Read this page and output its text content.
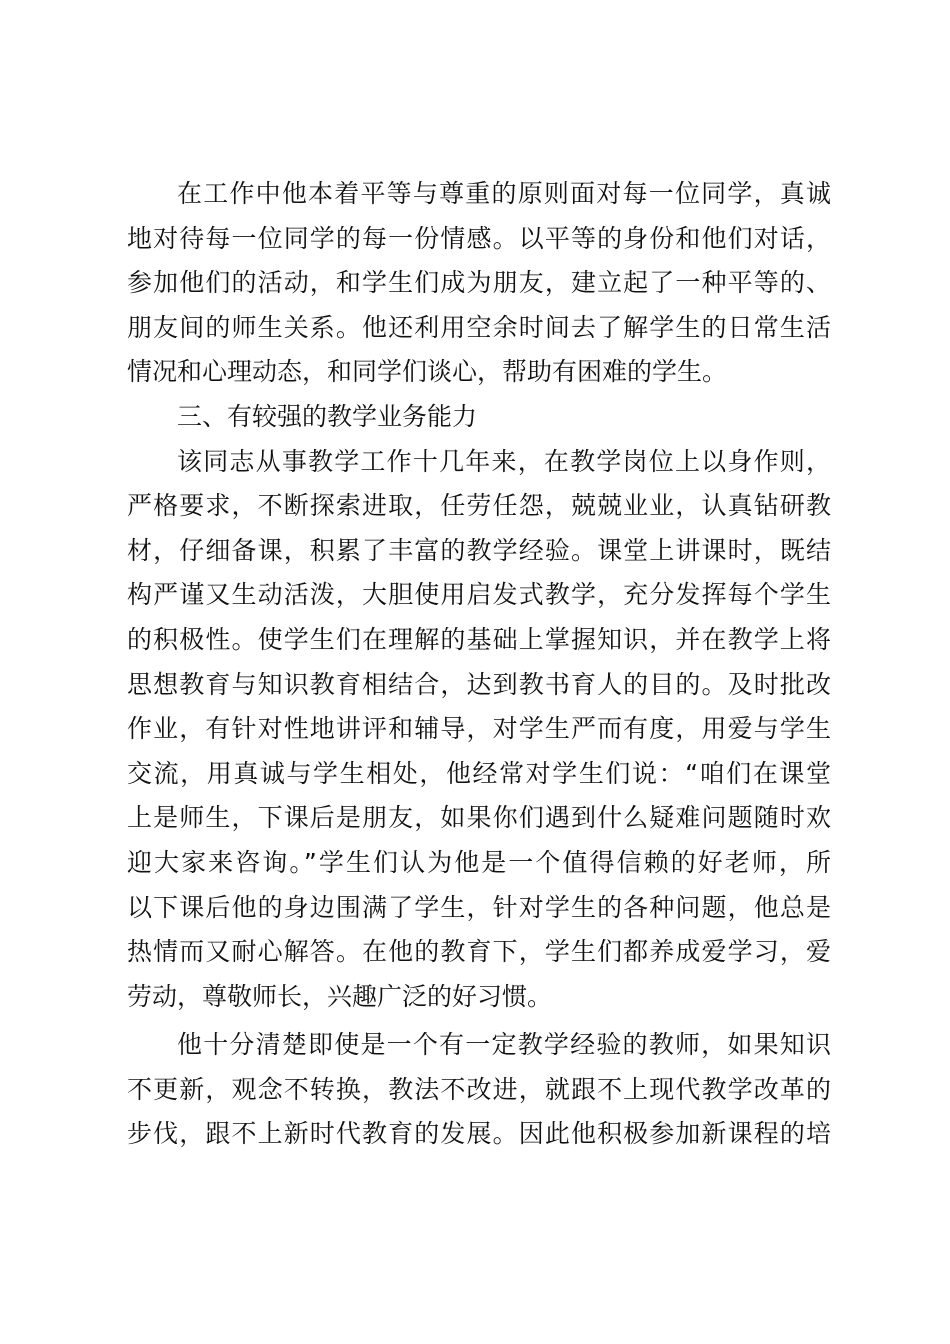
在工作中他本着平等与尊重的原则面对每一位同学，真诚
地对待每一位同学的每一份情感。以平等的身份和他们对话，
参加他们的活动，和学生们成为朋友，建立起了一种平等的、
朋友间的师生关系。他还利用空余时间去了解学生的日常生活
情况和心理动态，和同学们谈心，帮助有困难的学生。
三、有较强的教学业务能力
该同志从事教学工作十几年来，在教学岗位上以身作则，
严格要求，不断探索进取，任劳任怨，兢兢业业，认真钻研教
材，仔细备课，积累了丰富的教学经验。课堂上讲课时，既结
构严谨又生动活泼，大胆使用启发式教学，充分发挥每个学生
的积极性。使学生们在理解的基础上掌握知识，并在教学上将
思想教育与知识教育相结合，达到教书育人的目的。及时批改
作业，有针对性地讲评和辅导，对学生严而有度，用爱与学生
交流，用真诚与学生相处，他经常对学生们说：“咱们在课堂
上是师生，下课后是朋友，如果你们遇到什么疑难问题随时欢
迎大家来咨询。”学生们认为他是一个值得信赖的好老师，所
以下课后他的身边围满了学生，针对学生的各种问题，他总是
热情而又耐心解答。在他的教育下，学生们都养成爱学习，爱
劳动，尊敬师长，兴趣广泛的好习惯。
他十分清楚即使是一个有一定教学经验的教师，如果知识
不更新，观念不转换，教法不改进，就跟不上现代教学改革的
步伐，跟不上新时代教育的发展。因此他积极参加新课程的培
